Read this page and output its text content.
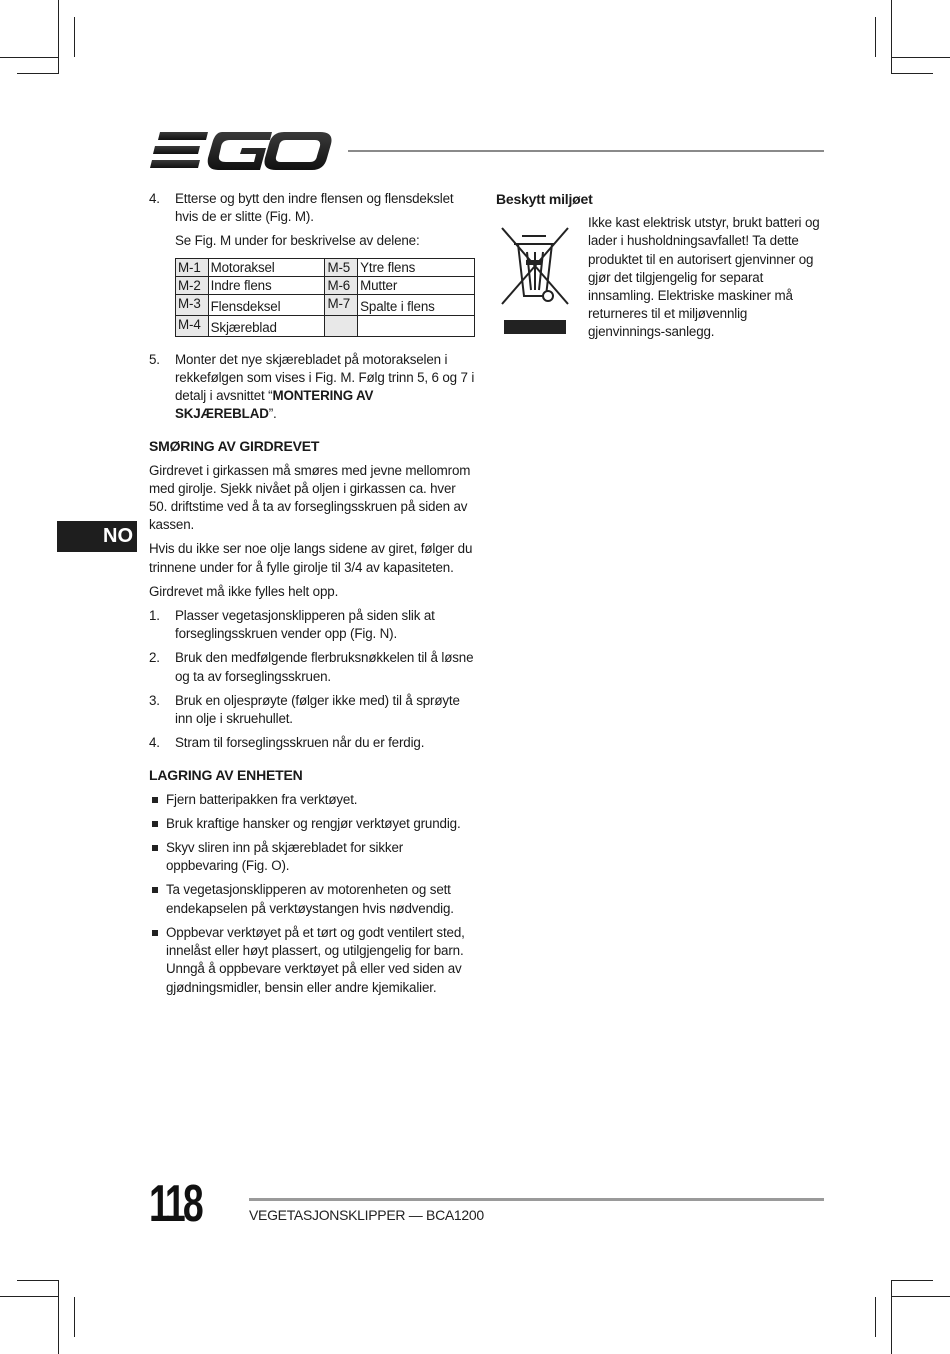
4. Etterse og bytt den indre flensen og flensdekslet hvis de er slitte (Fig. M).

Se Fig. M under for beskrivelse av delene:

M-1	Motoraksel	M-5	Ytre flens
M-2	Indre flens	M-6	Mutter
M-3	Flensdeksel	M-7	Spalte i flens
M-4	Skjæreblad		
5. Monter det nye skjærebladet på motorakselen i rekkefølgen som vises i Fig. M. Følg trinn 5, 6 og 7 i detalj i avsnittet “MONTERING AV SKJÆREBLAD”.
SMØRING AV GIRDREVET

Girdrevet i girkassen må smøres med jevne mellomrom med girolje. Sjekk nivået på oljen i girkassen ca. hver 50. driftstime ved å ta av forseglingsskruen på siden av kassen.

Hvis du ikke ser noe olje langs sidene av giret, følger du trinnene under for å fylle girolje til 3/4 av kapasiteten.

Girdrevet må ikke fylles helt opp.

1. Plasser vegetasjonsklipperen på siden slik at forseglingsskruen vender opp (Fig. N).
2. Bruk den medfølgende flerbruksnøkkelen til å løsne og ta av forseglingsskruen.
3. Bruk en oljesprøyte (følger ikke med) til å sprøyte inn olje i skruehullet.
4. Stram til forseglingsskruen når du er ferdig.
LAGRING AV ENHETEN
Fjern batteripakken fra verktøyet.
Bruk kraftige hansker og rengjør verktøyet grundig.
Skyv sliren inn på skjærebladet for sikker oppbevaring (Fig. O).
Ta vegetasjonsklipperen av motorenheten og sett endekapselen på verktøystangen hvis nødvendig.
Oppbevar verktøyet på et tørt og godt ventilert sted, innelåst eller høyt plassert, og utilgjengelig for barn. Unngå å oppbevare verktøyet på eller ved siden av gjødningsmidler, bensin eller andre kjemikalier.
Beskytt miljøet

Ikke kast elektrisk utstyr, brukt batteri og lader i husholdningsavfallet! Ta dette produktet til en autorisert gjenvinner og gjør det tilgjengelig for separat innsamling. Elektriske maskiner må returneres til et miljøvennlig gjenvinnings-sanlegg.

NO
118	VEGETASJONSKLIPPER — BCA1200
